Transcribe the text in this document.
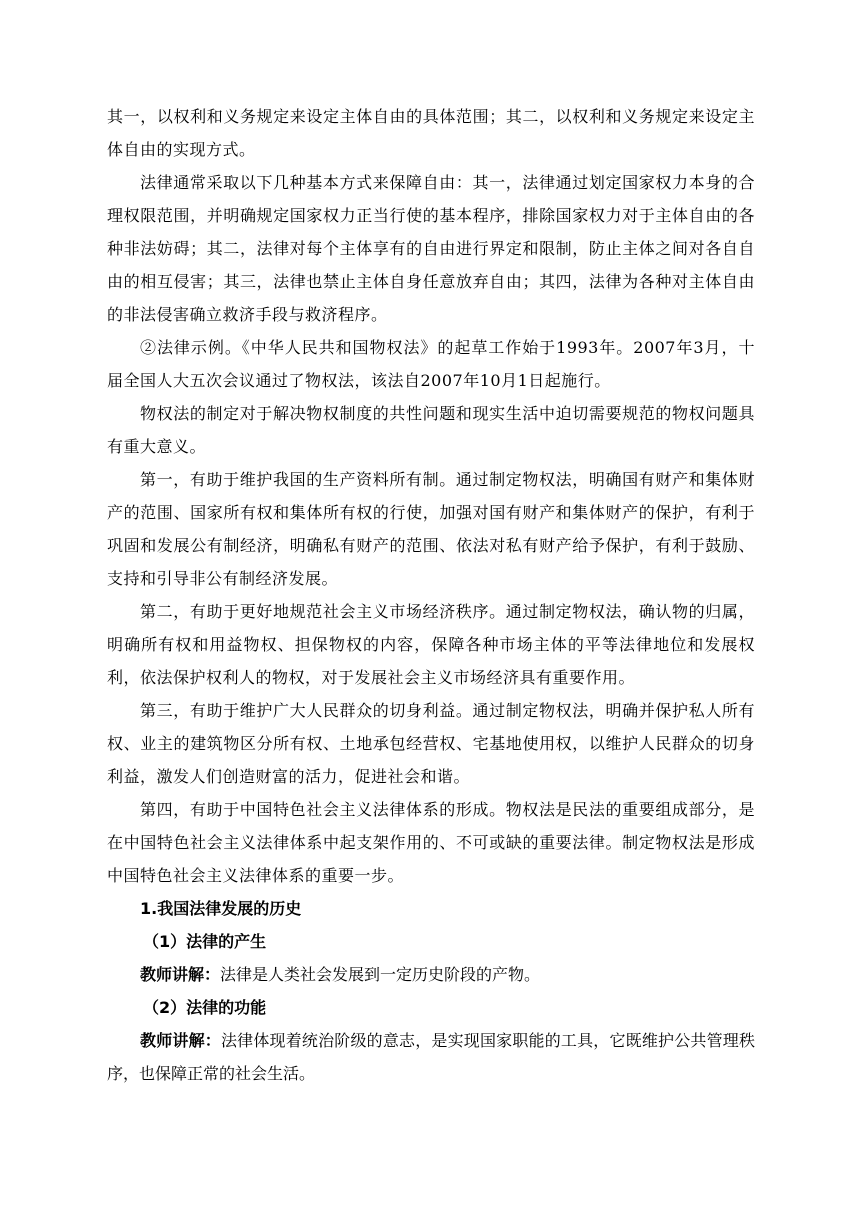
其一，以权利和义务规定来设定主体自由的具体范围；其二，以权利和义务规定来设定主体自由的实现方式。

法律通常采取以下几种基本方式来保障自由：其一，法律通过划定国家权力本身的合理权限范围，并明确规定国家权力正当行使的基本程序，排除国家权力对于主体自由的各种非法妨碍；其二，法律对每个主体享有的自由进行界定和限制，防止主体之间对各自自由的相互侵害；其三，法律也禁止主体自身任意放弃自由；其四，法律为各种对主体自由的非法侵害确立救济手段与救济程序。

②法律示例。《中华人民共和国物权法》的起草工作始于1993年。2007年3月，十届全国人大五次会议通过了物权法，该法自2007年10月1日起施行。

物权法的制定对于解决物权制度的共性问题和现实生活中迫切需要规范的物权问题具有重大意义。

第一，有助于维护我国的生产资料所有制。通过制定物权法，明确国有财产和集体财产的范围、国家所有权和集体所有权的行使，加强对国有财产和集体财产的保护，有利于巩固和发展公有制经济，明确私有财产的范围、依法对私有财产给予保护，有利于鼓励、支持和引导非公有制经济发展。

第二，有助于更好地规范社会主义市场经济秩序。通过制定物权法，确认物的归属，明确所有权和用益物权、担保物权的内容，保障各种市场主体的平等法律地位和发展权利，依法保护权利人的物权，对于发展社会主义市场经济具有重要作用。

第三，有助于维护广大人民群众的切身利益。通过制定物权法，明确并保护私人所有权、业主的建筑物区分所有权、土地承包经营权、宅基地使用权，以维护人民群众的切身利益，激发人们创造财富的活力，促进社会和谐。

第四，有助于中国特色社会主义法律体系的形成。物权法是民法的重要组成部分，是在中国特色社会主义法律体系中起支架作用的、不可或缺的重要法律。制定物权法是形成中国特色社会主义法律体系的重要一步。

1.我国法律发展的历史

（1）法律的产生

教师讲解：法律是人类社会发展到一定历史阶段的产物。

（2）法律的功能

教师讲解：法律体现着统治阶级的意志，是实现国家职能的工具，它既维护公共管理秩序，也保障正常的社会生活。
